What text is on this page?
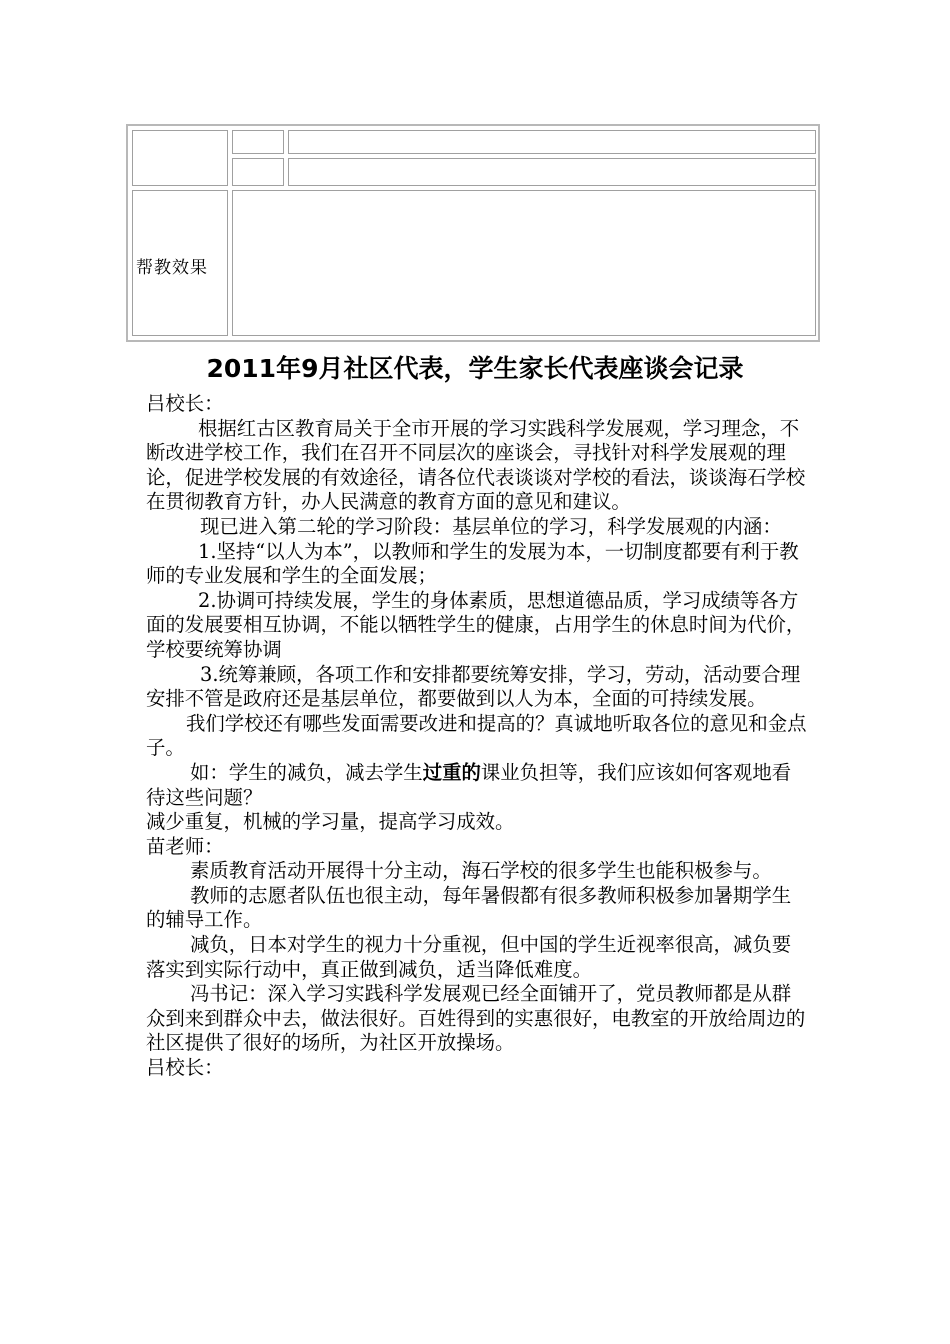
帮教效果
2011年9月社区代表，学生家长代表座谈会记录

吕校长：

根据红古区教育局关于全市开展的学习实践科学发展观，学习理念，不断改进学校工作，我们在召开不同层次的座谈会，寻找针对科学发展观的理论，促进学校发展的有效途径，请各位代表谈谈对学校的看法，谈谈海石学校在贯彻教育方针，办人民满意的教育方面的意见和建议。

现已进入第二轮的学习阶段：基层单位的学习，科学发展观的内涵：

1.坚持“以人为本”，以教师和学生的发展为本，一切制度都要有利于教师的专业发展和学生的全面发展；

2.协调可持续发展，学生的身体素质，思想道德品质，学习成绩等各方面的发展要相互协调，不能以牺牲学生的健康，占用学生的休息时间为代价，学校要统筹协调

3.统筹兼顾，各项工作和安排都要统筹安排，学习，劳动，活动要合理安排不管是政府还是基层单位，都要做到以人为本，全面的可持续发展。

我们学校还有哪些发面需要改进和提高的？真诚地听取各位的意见和金点子。

如：学生的减负，减去学生过重的课业负担等，我们应该如何客观地看待这些问题？

减少重复，机械的学习量，提高学习成效。

苗老师：

素质教育活动开展得十分主动，海石学校的很多学生也能积极参与。

教师的志愿者队伍也很主动，每年暑假都有很多教师积极参加暑期学生的辅导工作。

减负，日本对学生的视力十分重视，但中国的学生近视率很高，减负要落实到实际行动中，真正做到减负，适当降低难度。

冯书记：深入学习实践科学发展观已经全面铺开了，党员教师都是从群众到来到群众中去，做法很好。百姓得到的实惠很好，电教室的开放给周边的社区提供了很好的场所，为社区开放操场。

吕校长：
